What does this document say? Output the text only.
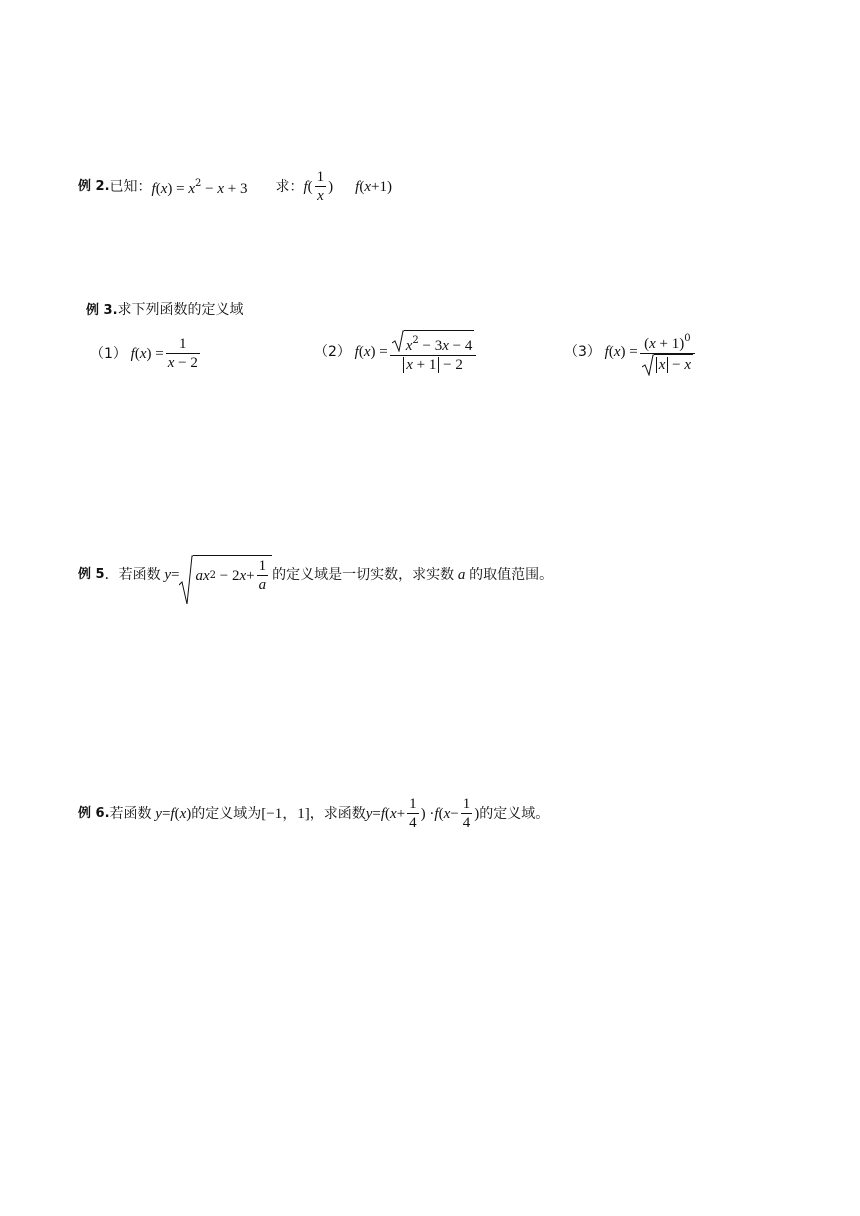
例 2. 已知： $f(x) = x^2 - x + 3$ 求： f ( $\frac{1}{x}$ ) f(x+1)
例 3.求下列函数的定义域
（1） f ( x ) = $\frac{1}{x - 2}$	（2） f ( x ) = $\frac{x^2 - 3x - 4}{x + 1 - 2}$	（3） f ( x ) = $\frac{(x + 1)^0}{x - x}$
例 5 ．若函数 y = ax 2 − 2 $x + \frac{1}{a}$ 的定义域是一切实数，求实数 a 的取值范围。
例 6. 若函数 y = f ( x ) 的定义域为 [−1，1] ，求函数 y = f ( $x + \frac{1}{4}$ ) · f ( $x - \frac{1}{4}$ ) 的定义域。
